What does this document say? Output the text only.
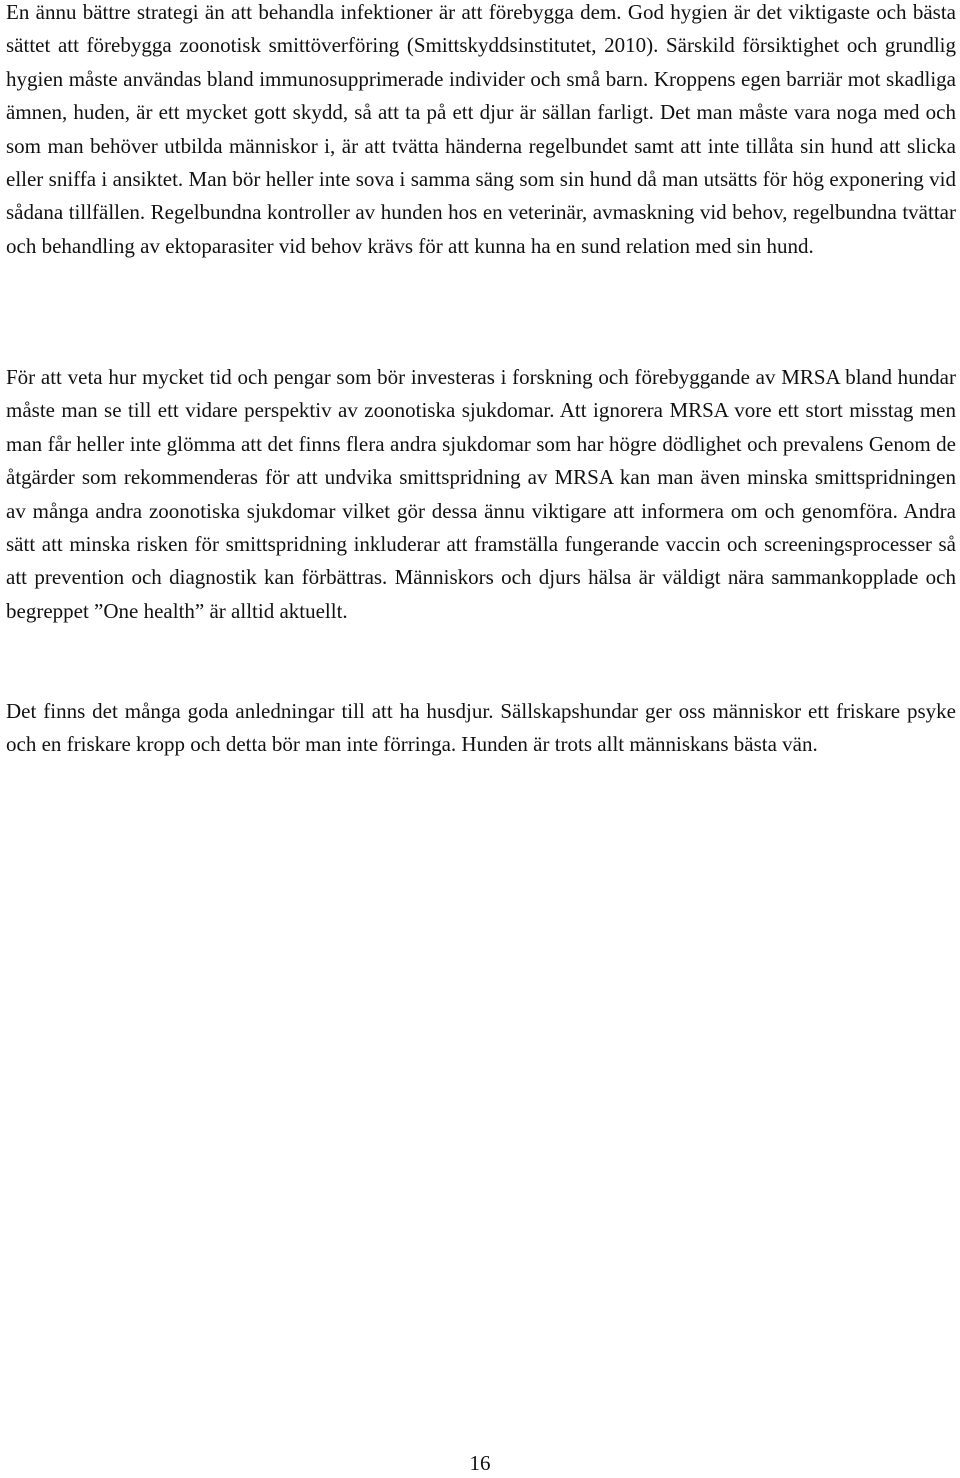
En ännu bättre strategi än att behandla infektioner är att förebygga dem. God hygien är det viktigaste och bästa sättet att förebygga zoonotisk smittöverföring (Smittskyddsinstitutet, 2010). Särskild försiktighet och grundlig hygien måste användas bland immunosupprimerade individer och små barn. Kroppens egen barriär mot skadliga ämnen, huden, är ett mycket gott skydd, så att ta på ett djur är sällan farligt. Det man måste vara noga med och som man behöver utbilda människor i, är att tvätta händerna regelbundet samt att inte tillåta sin hund att slicka eller sniffa i ansiktet. Man bör heller inte sova i samma säng som sin hund då man utsätts för hög exponering vid sådana tillfällen. Regelbundna kontroller av hunden hos en veterinär, avmaskning vid behov, regelbundna tvättar och behandling av ektoparasiter vid behov krävs för att kunna ha en sund relation med sin hund.

För att veta hur mycket tid och pengar som bör investeras i forskning och förebyggande av MRSA bland hundar måste man se till ett vidare perspektiv av zoonotiska sjukdomar. Att ignorera MRSA vore ett stort misstag men man får heller inte glömma att det finns flera andra sjukdomar som har högre dödlighet och prevalens Genom de åtgärder som rekommenderas för att undvika smittspridning av MRSA kan man även minska smittspridningen av många andra zoonotiska sjukdomar vilket gör dessa ännu viktigare att informera om och genomföra. Andra sätt att minska risken för smittspridning inkluderar att framställa fungerande vaccin och screeningsprocesser så att prevention och diagnostik kan förbättras. Människors och djurs hälsa är väldigt nära sammankopplade och begreppet ”One health” är alltid aktuellt.

Det finns det många goda anledningar till att ha husdjur. Sällskapshundar ger oss människor ett friskare psyke och en friskare kropp och detta bör man inte förringa. Hunden är trots allt människans bästa vän.

16
